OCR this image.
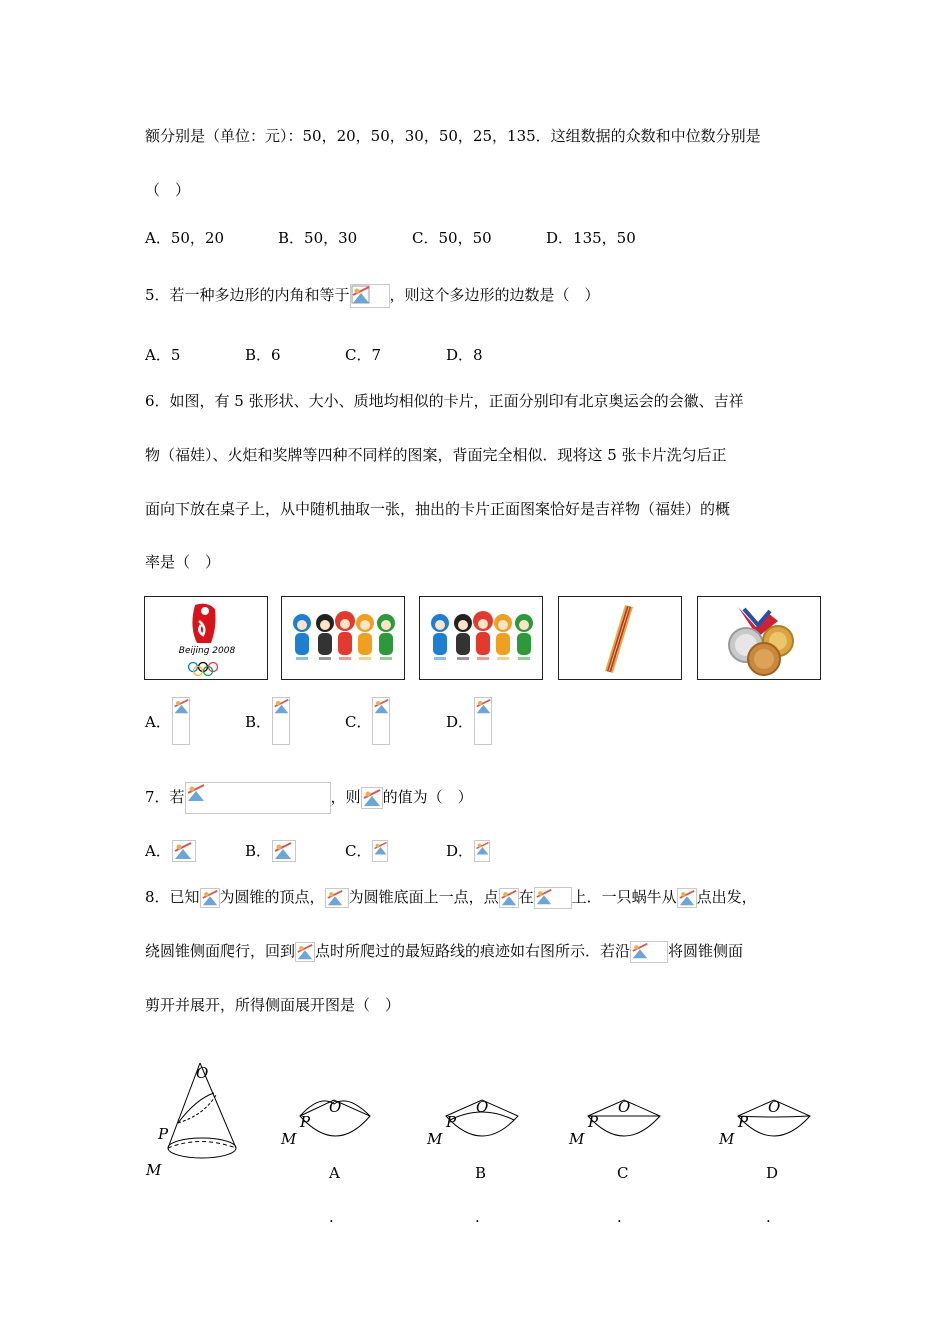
额分别是（单位：元）：50，20，50，30，50，25，135．这组数据的众数和中位数分别是
（　）
A．50，20	B．50，30	C．50，50	D．135，50
5．若一种多边形的内角和等于	，则这个多边形的边数是（　）
A．5	B．6	C．7	D．8
6．如图，有 5 张形状、大小、质地均相似的卡片，正面分别印有北京奥运会的会徽、吉祥
物（福娃）、火炬和奖牌等四种不同样的图案，背面完全相似．现将这 5 张卡片洗匀后正
面向下放在桌子上，从中随机抽取一张，抽出的卡片正面图案恰好是吉祥物（福娃）的概
率是（　）
Beijing 2008
A．	B．	C．	D．
7．若	，则 的值为（　）
A．	B．	C．	D．
8．已知 为圆锥的顶点， 为圆锥底面上一点，点 在	上．一只蜗牛从 点出发，
绕圆锥侧面爬行，回到 点时所爬过的最短路线的痕迹如右图所示．若沿	将圆锥侧面
剪开并展开，所得侧面展开图是（　）
O
P
M
O
P
M
A
.
O
P
M
B
.
O
P
M
C
.
O
P
M
D
.
